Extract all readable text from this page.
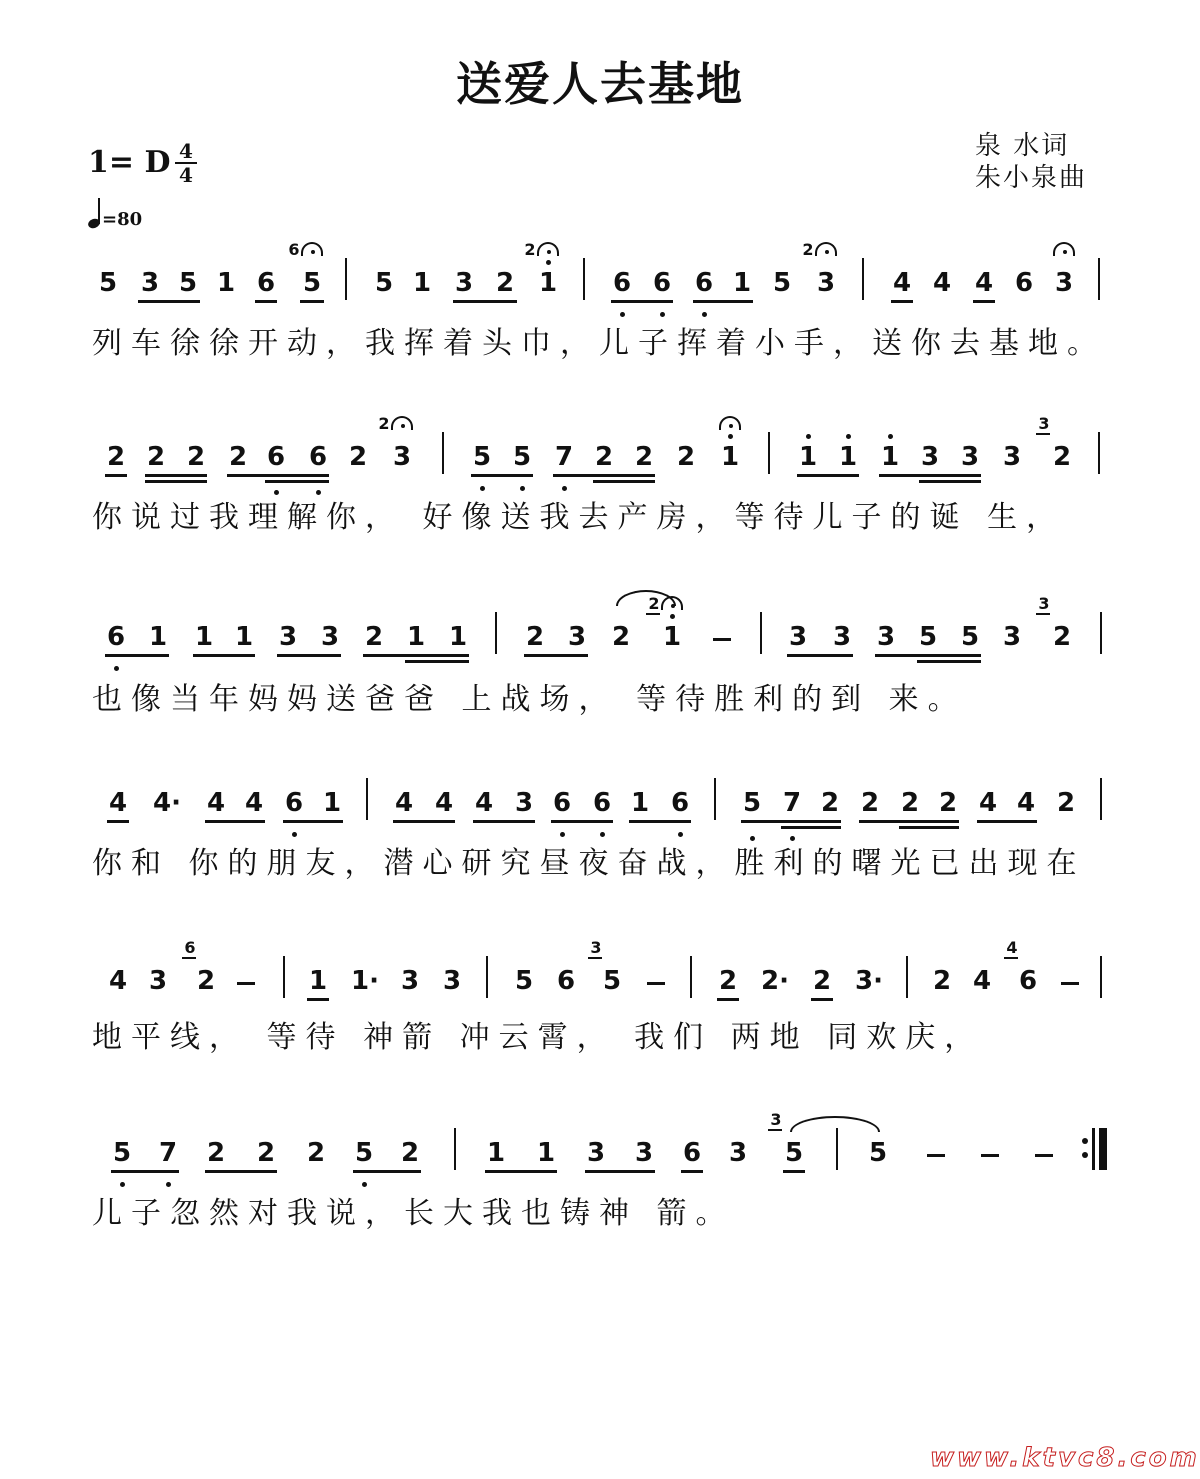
送爱人去基地
泉 水词
朱小泉曲
1= D 4
4
=80
5 3 5 1 6 5
6
5 1 3 2 1
2
6 6 6 1 5 3
2
4 4 4 6 3
列车徐徐开动，我挥着头巾，儿子挥着小手，送你去基地。
2 2 2 2 6 6 2 3
2
5 5 7 2 2 2 1 1 1 1 3 3 3 2
3
你说过我理解你， 好像送我去产房，等待儿子的诞 生，
6 1 1 1 3 3 2 1 1 2 3 2 1
2
3 3 3 5 5 3 2
3
也像当年妈妈送爸爸 上战场， 等待胜利的到 来。
4 4· 4 4 6 1 4 4 4 3 6 6 1 6 5 7 2 2 2 2 4 4 2
你和 你的朋友，潜心研究昼夜奋战，胜利的曙光已出现在
4 3 2
6
1 1· 3 3 5 6 5
3
2 2· 2 3· 2 4 6
4
地平线， 等待 神箭 冲云霄， 我们 两地 同欢庆，
5 7 2 2 2 5 2	1 1 3 3 6 3 5
3
5
儿子忽然对我说，长大我也铸神 箭。
www.ktvc8.com
